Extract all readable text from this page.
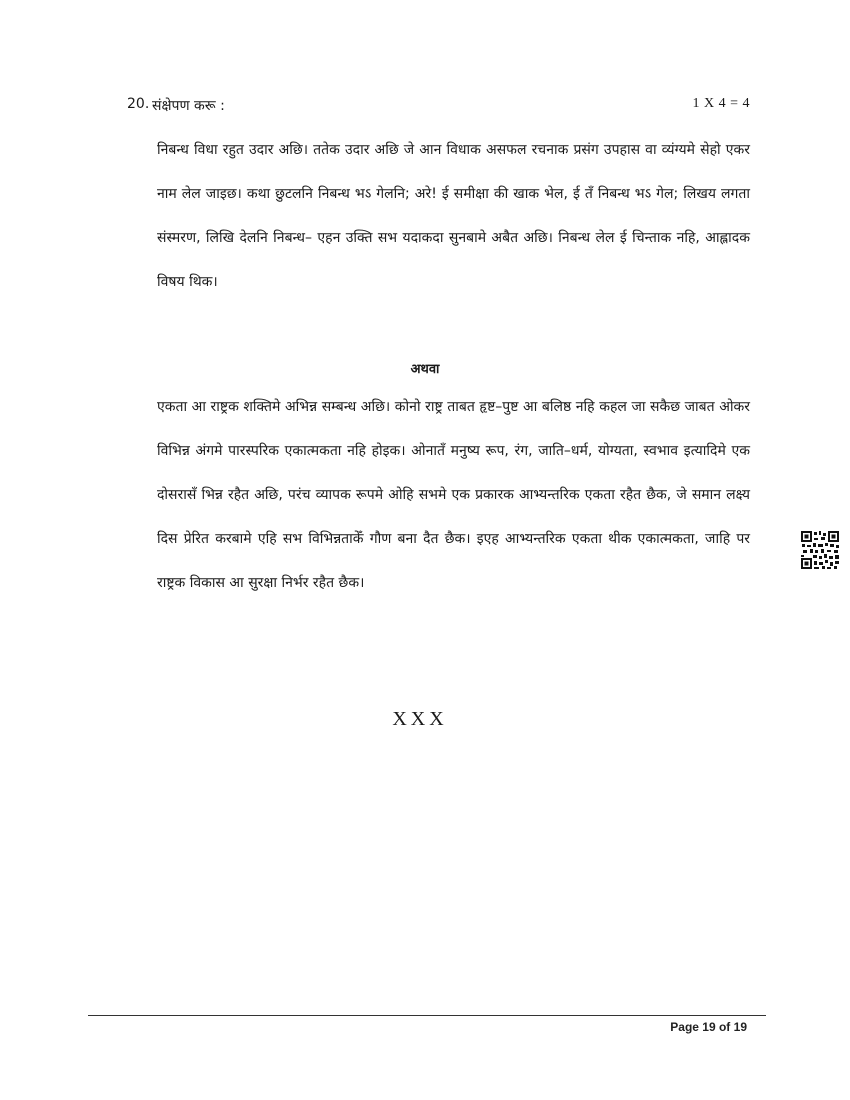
20. संक्षेपण करू :	1 X 4 = 4

निबन्ध विधा रहुत उदार अछि। ततेक उदार अछि जे आन विधाक असफल रचनाक प्रसंग उपहास वा व्यंग्यमे सेहो एकर नाम लेल जाइछ। कथा छुटलनि निबन्ध भऽ गेलनि; अरे! ई समीक्षा की खाक भेल, ई तँ निबन्ध भऽ गेल; लिखय लगता संस्मरण, लिखि देलनि निबन्ध– एहन उक्ति सभ यदाकदा सुनबामे अबैत अछि। निबन्ध लेल ई चिन्ताक नहि, आह्लादक विषय थिक।

अथवा

एकता आ राष्ट्रक शक्तिमे अभिन्न सम्बन्ध अछि। कोनो राष्ट्र ताबत हृष्ट–पुष्ट आ बलिष्ठ नहि कहल जा सकैछ जाबत ओकर विभिन्न अंगमे पारस्परिक एकात्मकता नहि होइक। ओनातँ मनुष्य रूप, रंग, जाति–धर्म, योग्यता, स्वभाव इत्यादिमे एक दोसरासँ भिन्न रहैत अछि, परंच व्यापक रूपमे ओहि सभमे एक प्रकारक आभ्यन्तरिक एकता रहैत छैक, जे समान लक्ष्य दिस प्रेरित करबामे एहि सभ विभिन्नताकेँ गौण बना दैत छैक। इएह आभ्यन्तरिक एकता थीक एकात्मकता, जाहि पर राष्ट्रक विकास आ सुरक्षा निर्भर रहैत छैक।

XXX
Page 19 of 19
